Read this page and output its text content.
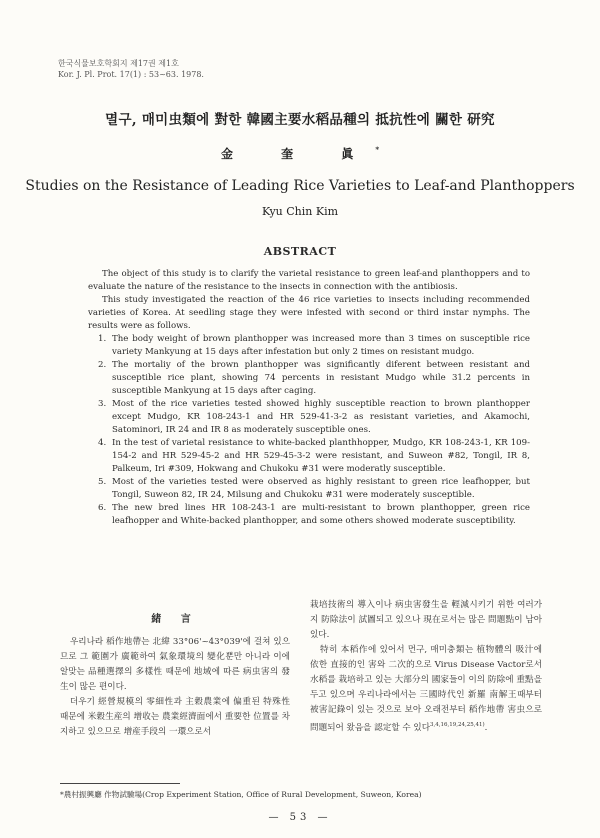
한국식물보호학회지 제17권 제1호
Kor. J. Pl. Prot. 17(1) : 53~63. 1978.
멸구, 매미虫類에 對한 韓國主要水稻品種의 抵抗性에 關한 研究
金 奎 眞*
Studies on the Resistance of Leading Rice Varieties to Leaf-and Planthoppers
Kyu Chin Kim
ABSTRACT

The object of this study is to clarify the varietal resistance to green leaf-and planthoppers and to evaluate the nature of the resistance to the insects in connection with the antibiosis.

This study investigated the reaction of the 46 rice varieties to insects including recommended varieties of Korea. At seedling stage they were infested with second or third instar nymphs. The results were as follows.

1. The body weight of brown planthopper was increased more than 3 times on susceptible rice variety Mankyung at 15 days after infestation but only 2 times on resistant mudgo.
2. The mortaliy of the brown planthopper was significantly diferent between resistant and susceptible rice plant, showing 74 percents in resistant Mudgo while 31.2 percents in susceptible Mankyung at 15 days after caging.
3. Most of the rice varieties tested showed highly susceptible reaction to brown planthopper except Mudgo, KR 108-243-1 and HR 529-41-3-2 as resistant varieties, and Akamochi, Satominori, IR 24 and IR 8 as moderately susceptible ones.
4. In the test of varietal resistance to white-backed planthhopper, Mudgo, KR 108-243-1, KR 109-154-2 and HR 529-45-2 and HR 529-45-3-2 were resistant, and Suweon #82, Tongil, IR 8, Palkeum, Iri #309, Hokwang and Chukoku #31 were moderatly susceptible.
5. Most of the varieties tested were observed as highly resistant to green rice leafhopper, but Tongil, Suweon 82, IR 24, Milsung and Chukoku #31 were moderately susceptible.
6. The new bred lines HR 108-243-1 are multi-resistant to brown planthopper, green rice leafhopper and White-backed planthopper, and some others showed moderate susceptibility.
緒 言

우리나라 稻作地帶는 北緯 33°06'~43°039'에 걸쳐 있으므로 그 範圍가 廣範하여 氣象環境의 變化뿐만 아니라 이에 알맞는 品種選擇의 多樣性 때문에 地域에 따른 病虫害의 發生이 많은 편이다.

더우기 經營規模의 零細性과 主穀農業에 偏重된 特殊性 때문에 米穀生産의 增收는 農業經濟面에서 重要한 位置를 차지하고 있으므로 增産手段의 一環으로서

栽培技術의 導入이나 病虫害發生을 輕減시키기 위한 여러가지 防除法이 試圖되고 있으나 現在로서는 많은 問題點이 남아 있다.

特히 本稻作에 있어서 먼구, 매미충類는 植物體의 吸汁에 依한 直接的인 害와 二次的으로 Virus Disease Vactor로서 水稻를 栽培하고 있는 大部分의 國家들이 이의 防除에 重點을 두고 있으며 우리나라에서는 三國時代인 新羅 南解王때부터 被害記錄이 있는 것으로 보아 오래전부터 稻作地帶 害虫으로 問題되어 왔음을 認定할 수 있다$^{3,4,16,19,24,25,41)}$.

*農村振興廳 作物試驗場(Crop Experiment Station, Office of Rural Development, Suweon, Korea)
— 53 —
